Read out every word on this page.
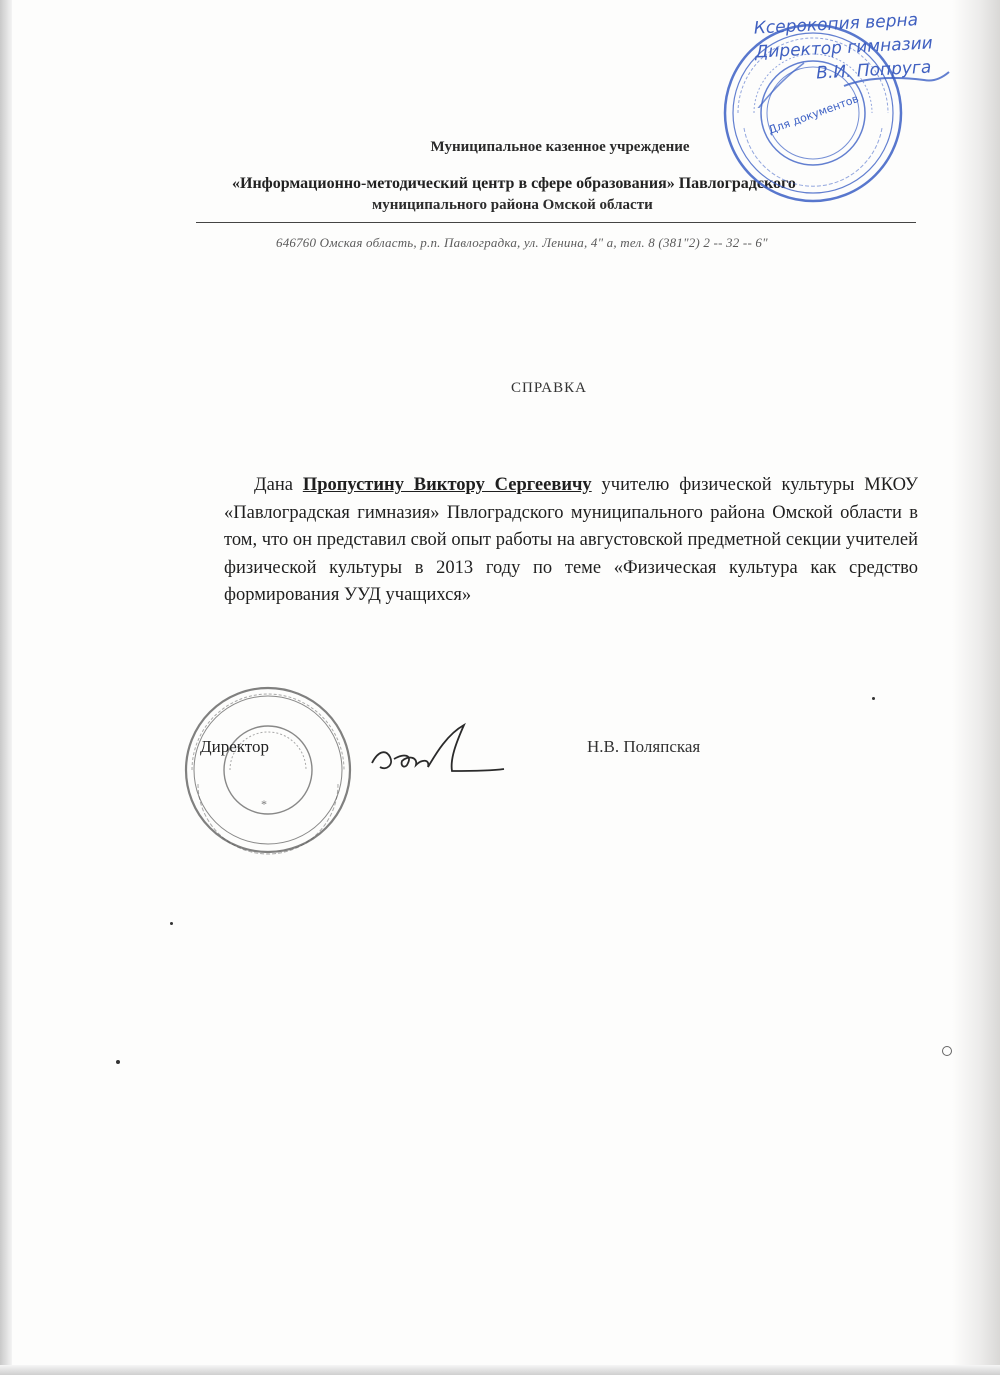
Муниципальное казенное учреждение
«Информационно-методический центр в сфере образования» Павлоградского
муниципального района Омской области
646760 Омская область, р.п. Павлоградка, ул. Ленина, 4" а, тел. 8 (381"2) 2 -- 32 -- 6"
Для документов
Ксерокопия верна
Директор гимназии
В.И. Попруга
СПРАВКА
Дана Пропустину Виктору Сергеевичу учителю физической культуры МКОУ «Павлоградская гимназия» Пвлоградского муниципального района Омской области в том, что он представил свой опыт работы на августовской предметной секции учителей физической культуры в 2013 году по теме «Физическая культура как средство формирования УУД учащихся»
*
Директор	Н.В. Поляпская
